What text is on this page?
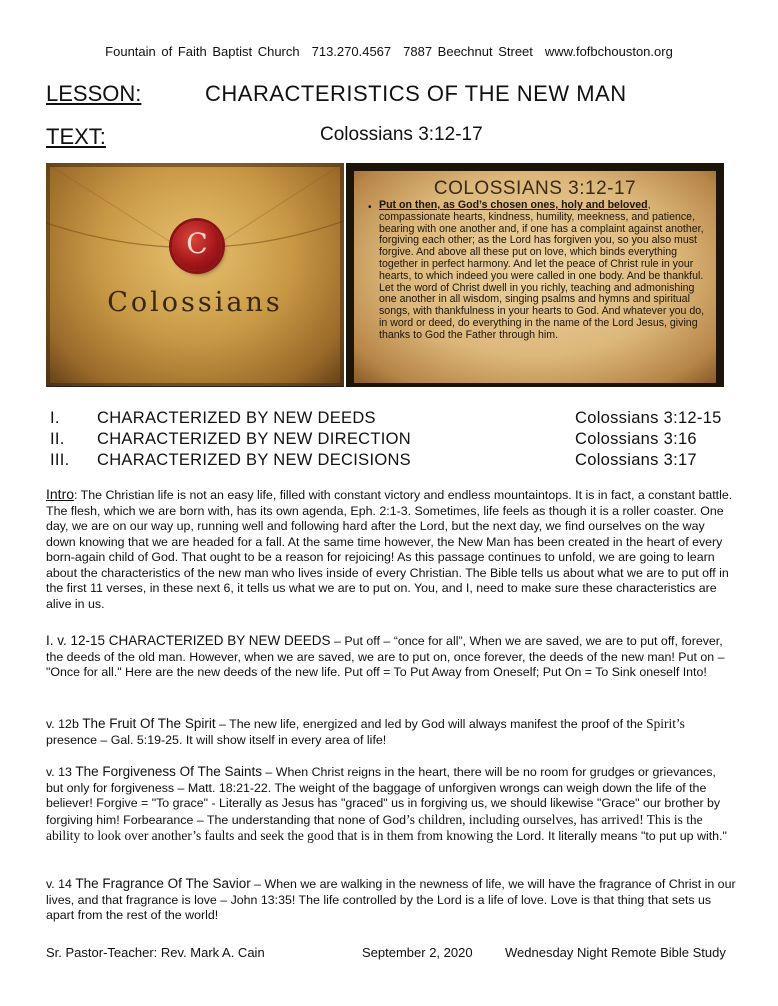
Fountain of Faith Baptist Church 713.270.4567 7887 Beechnut Street www.fofbchouston.org
LESSON:	CHARACTERISTICS OF THE NEW MAN
TEXT:	Colossians 3:12-17
C
Colossians
COLOSSIANS 3:12-17
• Put on then, as God’s chosen ones, holy and beloved, compassionate hearts, kindness, humility, meekness, and patience, bearing with one another and, if one has a complaint against another, forgiving each other; as the Lord has forgiven you, so you also must forgive. And above all these put on love, which binds everything together in perfect harmony. And let the peace of Christ rule in your hearts, to which indeed you were called in one body. And be thankful. Let the word of Christ dwell in you richly, teaching and admonishing one another in all wisdom, singing psalms and hymns and spiritual songs, with thankfulness in your hearts to God. And whatever you do, in word or deed, do everything in the name of the Lord Jesus, giving thanks to God the Father through him.
I. CHARACTERIZED BY NEW DEEDS	Colossians 3:12-15
II. CHARACTERIZED BY NEW DIRECTION	Colossians 3:16
III. CHARACTERIZED BY NEW DECISIONS	Colossians 3:17
Intro: The Christian life is not an easy life, filled with constant victory and endless mountaintops. It is in fact, a constant battle. The flesh, which we are born with, has its own agenda, Eph. 2:1-3. Sometimes, life feels as though it is a roller coaster. One day, we are on our way up, running well and following hard after the Lord, but the next day, we find ourselves on the way down knowing that we are headed for a fall. At the same time however, the New Man has been created in the heart of every born-again child of God. That ought to be a reason for rejoicing! As this passage continues to unfold, we are going to learn about the characteristics of the new man who lives inside of every Christian. The Bible tells us about what we are to put off in the first 11 verses, in these next 6, it tells us what we are to put on. You, and I, need to make sure these characteristics are alive in us.
I. v. 12-15 CHARACTERIZED BY NEW DEEDS – Put off – “once for all”, When we are saved, we are to put off, forever, the deeds of the old man. However, when we are saved, we are to put on, once forever, the deeds of the new man! Put on – "Once for all." Here are the new deeds of the new life. Put off = To Put Away from Oneself; Put On = To Sink oneself Into!
v. 12b The Fruit Of The Spirit – The new life, energized and led by God will always manifest the proof of the Spirit’s presence – Gal. 5:19-25. It will show itself in every area of life!
v. 13 The Forgiveness Of The Saints – When Christ reigns in the heart, there will be no room for grudges or grievances, but only for forgiveness – Matt. 18:21-22. The weight of the baggage of unforgiven wrongs can weigh down the life of the believer! Forgive = "To grace" - Literally as Jesus has "graced" us in forgiving us, we should likewise "Grace" our brother by forgiving him! Forbearance – The understanding that none of God’s children, including ourselves, has arrived! This is the ability to look over another’s faults and seek the good that is in them from knowing the Lord. It literally means "to put up with."
v. 14 The Fragrance Of The Savior – When we are walking in the newness of life, we will have the fragrance of Christ in our lives, and that fragrance is love – John 13:35! The life controlled by the Lord is a life of love. Love is that thing that sets us apart from the rest of the world!
Sr. Pastor-Teacher: Rev. Mark A. Cain	September 2, 2020 Wednesday Night Remote Bible Study
